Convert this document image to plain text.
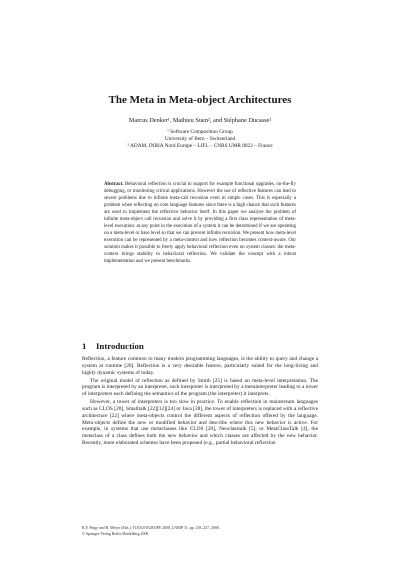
The Meta in Meta-object Architectures
Marcus Denker¹, Mathieu Suen², and Stéphane Ducasse²
¹ Software Composition Group
University of Bern – Switzerland
² ADAM, INRIA Nord Europe – LIFL – CNRS UMR 8022 – France
Abstract. Behavioral reflection is crucial to support for example functional upgrades, on-the-fly debugging, or monitoring critical applications. However the use of reflective features can lead to severe problems due to infinite meta-call recursion even in simple cases. This is especially a problem when reflecting on core language features since there is a high chance that such features are used to implement the reflective behavior itself. In this paper we analyze the problem of infinite meta-object call recursion and solve it by providing a first class representation of meta-level execution: at any point in the execution of a system it can be determined if we are operating on a meta-level or base level so that we can prevent infinite recursion. We present how meta-level execution can be represented by a meta-context and how reflection becomes context-aware. Our solution makes it possible to freely apply behavioral reflection even on system classes: the meta-context brings stability to behavioral reflection. We validate the concept with a robust implementation and we present benchmarks.
1 Introduction

Reflection, a feature common to many modern programming languages, is the ability to query and change a system at runtime [20]. Reflection is a very desirable feature, particularly suited for the long-living and highly dynamic systems of today.

The original model of reflection as defined by Smith [25] is based on meta-level interpretation. The program is interpreted by an interpreter, such interpreter is interpreted by a metainterpreter leading to a tower of interpreters each defining the semantics of the program (the interpreter) it interprets.

However, a tower of interpreters is too slow in practice. To enable reflection in mainstream languages such as CLOS [20], Smalltalk [22][12][24] or Java [28], the tower of interpreters is replaced with a reflective architecture [22] where meta-objects control the different aspects of reflection offered by the language. Meta-objects define the new or modified behavior and describe where this new behavior is active. For example, in systems that use metaclasses like CLOS [20], Neoclasstalk [5], or MetaClassTalk [4], the metaclass of a class defines both the new behavior and which classes are affected by the new behavior. Recently, more elaborated schemes have been proposed (e.g., partial behavioral reflection

R.F. Paige and B. Meyer (Eds.): TOOLS EUROPE 2008, LNBIP 11, pp. 218–237, 2008.
© Springer-Verlag Berlin Heidelberg 2008
